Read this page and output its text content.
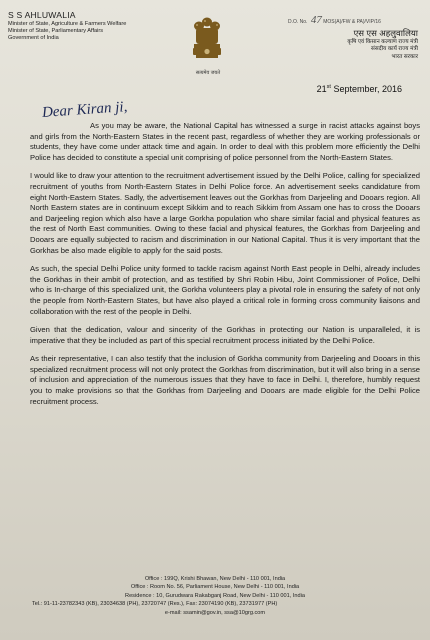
S S AHLUWALIA
Minister of State, Agriculture & Farmers Welfare
Minister of State, Parliamentary Affairs
Government of India
सत्यमेव जयते
D.O. No. 47 MOS(A)/FW & PA)/VIP/16
एस एस अहलुवालिया
कृषि एवं किसान कल्याण राज्य मंत्री
संसदीय कार्य राज्य मंत्री
भारत सरकार
21st September, 2016
Dear Kiran ji,

As you may be aware, the National Capital has witnessed a surge in racist attacks against boys and girls from the North-Eastern States in the recent past, regardless of whether they are working professionals or students, they have come under attack time and again. In order to deal with this problem more efficiently the Delhi Police has decided to constitute a special unit comprising of police personnel from the North-Eastern States.

I would like to draw your attention to the recruitment advertisement issued by the Delhi Police, calling for specialized recruitment of youths from North-Eastern States in Delhi Police force. An advertisement seeks candidature from eight North-Eastern States. Sadly, the advertisement leaves out the Gorkhas from Darjeeling and Dooars region. All North Eastern states are in continuum except Sikkim and to reach Sikkim from Assam one has to cross the Dooars and Darjeeling region which also have a large Gorkha population who share similar facial and physical features as the rest of North East communities. Owing to these facial and physical features, the Gorkhas from Darjeeling and Dooars are equally subjected to racism and discrimination in our National Capital. Thus it is very important that the Gorkhas be also made eligible to apply for the said posts.

As such, the special Delhi Police unity formed to tackle racism against North East people in Delhi, already includes the Gorkhas in their ambit of protection, and as testified by Shri Robin Hibu, Joint Commissioner of Police, Delhi who is In-charge of this specialized unit, the Gorkha volunteers play a pivotal role in ensuring the safety of not only the people from North-Eastern States, but have also played a critical role in forming cross community liaisons and collaboration with the rest of the people in Delhi.

Given that the dedication, valour and sincerity of the Gorkhas in protecting our Nation is unparalleled, it is imperative that they be included as part of this special recruitment process initiated by the Delhi Police.

As their representative, I can also testify that the inclusion of Gorkha community from Darjeeling and Dooars in this specialized recruitment process will not only protect the Gorkhas from discrimination, but it will also bring in a sense of inclusion and appreciation of the numerous issues that they have to face in Delhi. I, therefore, humbly request you to make provisions so that the Gorkhas from Darjeeling and Dooars are made eligible for the Delhi Police recruitment process.

Office : 199Q, Krishi Bhawan, New Delhi - 110 001, India
Office : Room No. 56, Parliament House, New Delhi - 110 001, India
Residence : 10, Gurudwara Rakabganj Road, New Delhi - 110 001, India
Tel.: 91-11-23782343 (KB), 23034638 (PH), 23720747 (Res.), Fax: 23074190 (KB), 23731977 (PH)
e-mail: ssamin@gov.in, ssa@10grg.com
